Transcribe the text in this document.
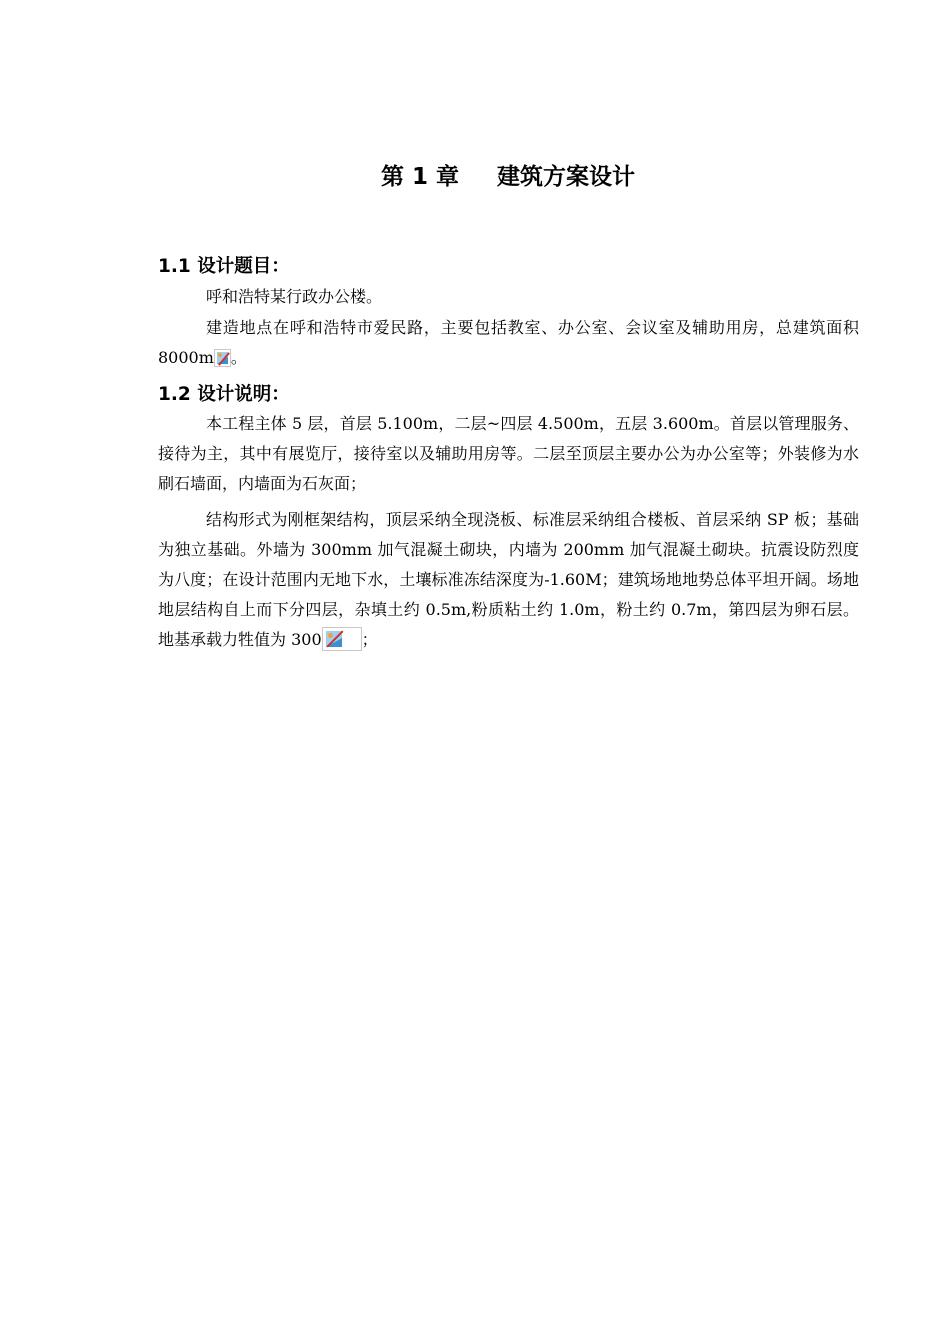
第 1 章 建筑方案设计
1.1 设计题目：
呼和浩特某行政办公楼。
建造地点在呼和浩特市爱民路，主要包括教室、办公室、会议室及辅助用房，总建筑面积 8000m 。
1.2 设计说明：
本工程主体 5 层，首层 5.100m，二层~四层 4.500m，五层 3.600m。首层以管理服务、接待为主，其中有展览厅，接待室以及辅助用房等。二层至顶层主要办公为办公室等；外装修为水刷石墙面，内墙面为石灰面；
结构形式为刚框架结构，顶层采纳全现浇板、标准层采纳组合楼板、首层采纳 SP 板；基础为独立基础。外墙为 300mm 加气混凝土砌块，内墙为 200mm 加气混凝土砌块。抗震设防烈度为八度；在设计范围内无地下水，土壤标准冻结深度为-1.60M；建筑场地地势总体平坦开阔。场地地层结构自上而下分四层，杂填土约 0.5m,粉质粘土约 1.0m，粉土约 0.7m，第四层为卵石层。地基承载力牲值为 300	；
